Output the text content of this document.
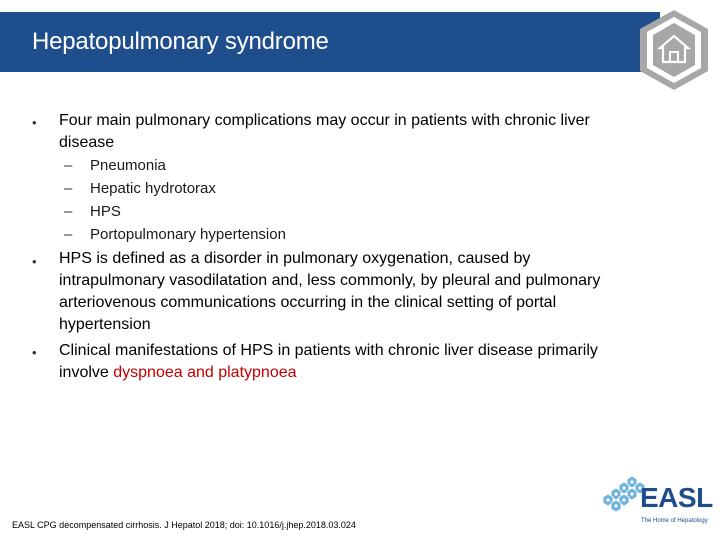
Hepatopulmonary syndrome
• Four main pulmonary complications may occur in patients with chronic liver
disease
– Pneumonia
– Hepatic hydrotorax
– HPS
– Portopulmonary hypertension
• HPS is defined as a disorder in pulmonary oxygenation, caused by
intrapulmonary vasodilatation and, less commonly, by pleural and pulmonary
arteriovenous communications occurring in the clinical setting of portal
hypertension
• Clinical manifestations of HPS in patients with chronic liver disease primarily
involve dyspnoea and platypnoea
EASL CPG decompensated cirrhosis. J Hepatol 2018; doi: 10.1016/j.jhep.2018.03.024
EASL
The Home of Hepatology
